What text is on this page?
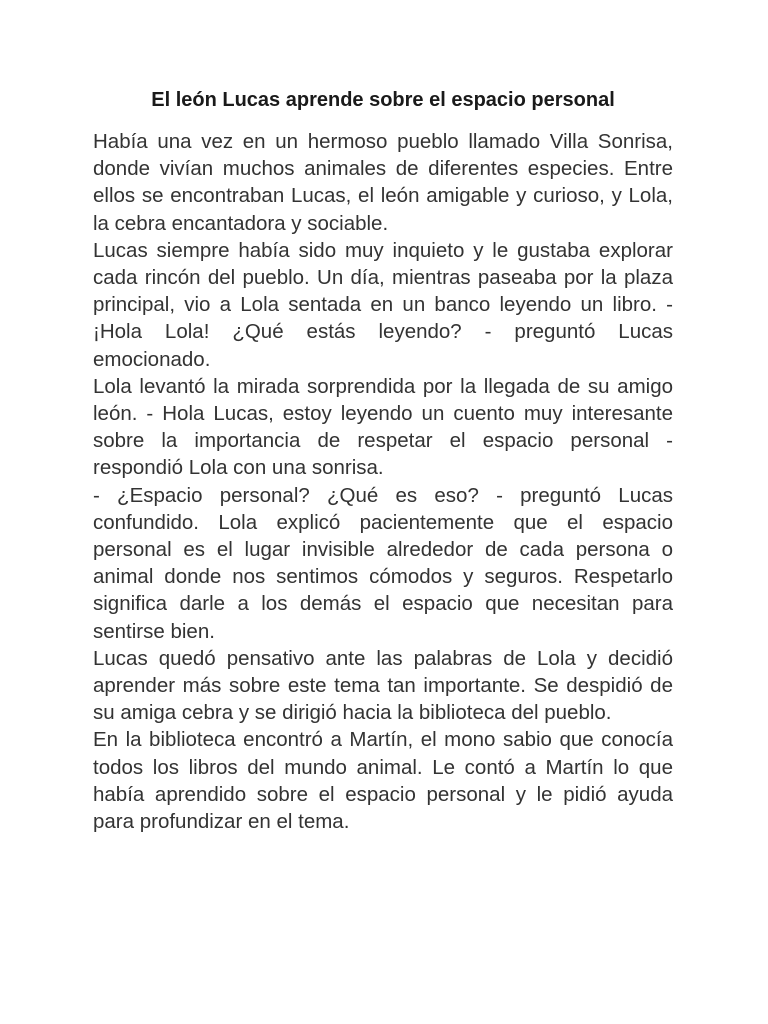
El león Lucas aprende sobre el espacio personal

Había una vez en un hermoso pueblo llamado Villa Sonrisa, donde vivían muchos animales de diferentes especies. Entre ellos se encontraban Lucas, el león amigable y curioso, y Lola, la cebra encantadora y sociable.

Lucas siempre había sido muy inquieto y le gustaba explorar cada rincón del pueblo. Un día, mientras paseaba por la plaza principal, vio a Lola sentada en un banco leyendo un libro. - ¡Hola Lola! ¿Qué estás leyendo? - preguntó Lucas emocionado.

Lola levantó la mirada sorprendida por la llegada de su amigo león. - Hola Lucas, estoy leyendo un cuento muy interesante sobre la importancia de respetar el espacio personal - respondió Lola con una sonrisa.

- ¿Espacio personal? ¿Qué es eso? - preguntó Lucas confundido. Lola explicó pacientemente que el espacio personal es el lugar invisible alrededor de cada persona o animal donde nos sentimos cómodos y seguros. Respetarlo significa darle a los demás el espacio que necesitan para sentirse bien.

Lucas quedó pensativo ante las palabras de Lola y decidió aprender más sobre este tema tan importante. Se despidió de su amiga cebra y se dirigió hacia la biblioteca del pueblo.

En la biblioteca encontró a Martín, el mono sabio que conocía todos los libros del mundo animal. Le contó a Martín lo que había aprendido sobre el espacio personal y le pidió ayuda para profundizar en el tema.
